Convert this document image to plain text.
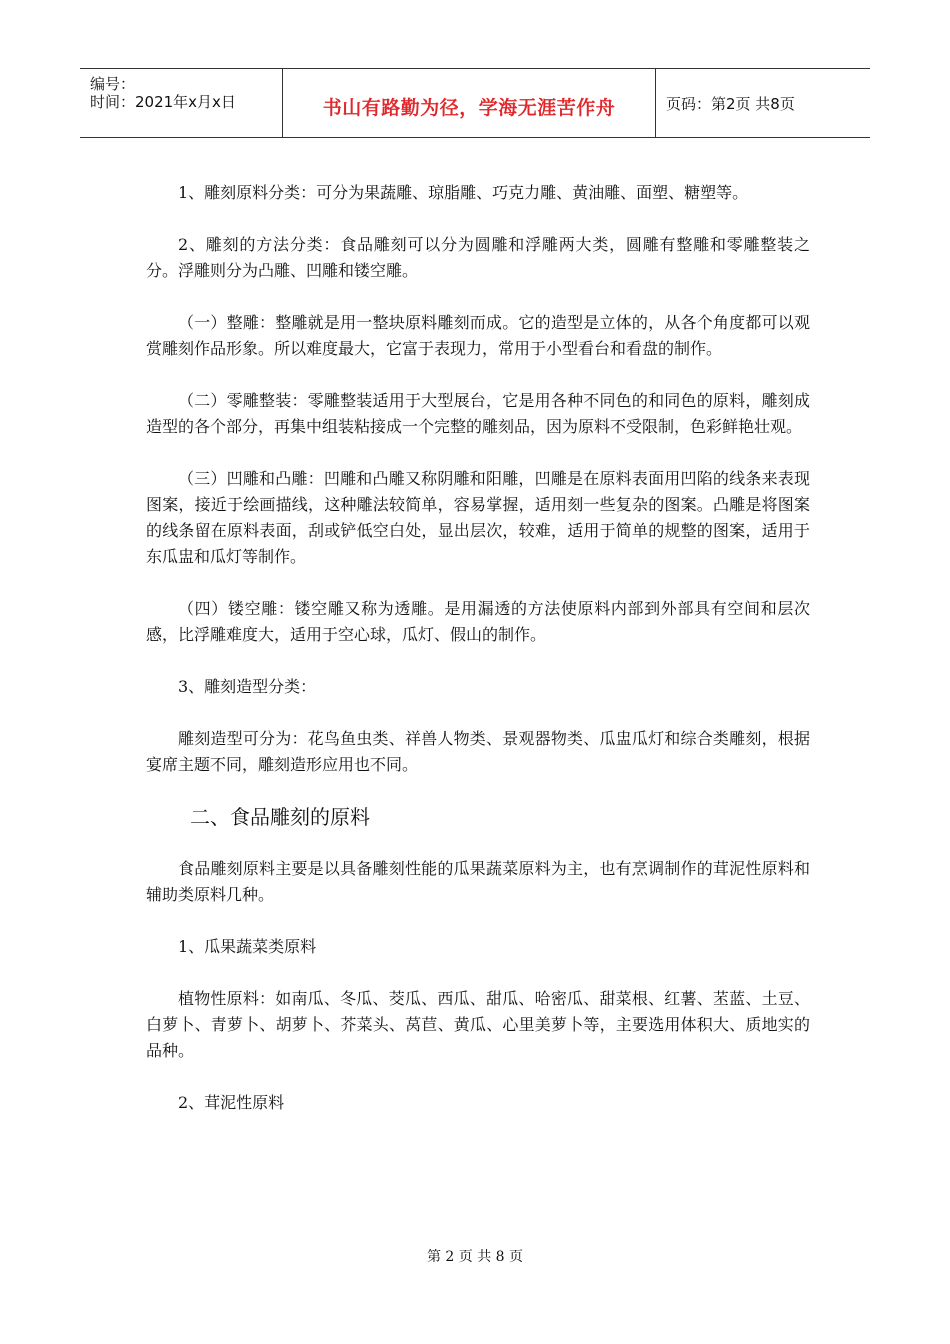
编号：
时间：2021年x月x日	书山有路勤为径，学海无涯苦作舟	页码：第2页 共8页

1、雕刻原料分类：可分为果蔬雕、琼脂雕、巧克力雕、黄油雕、面塑、糖塑等。

2、雕刻的方法分类：食品雕刻可以分为圆雕和浮雕两大类，圆雕有整雕和零雕整装之分。浮雕则分为凸雕、凹雕和镂空雕。

（一）整雕：整雕就是用一整块原料雕刻而成。它的造型是立体的，从各个角度都可以观赏雕刻作品形象。所以难度最大，它富于表现力，常用于小型看台和看盘的制作。

（二）零雕整装：零雕整装适用于大型展台，它是用各种不同色的和同色的原料，雕刻成造型的各个部分，再集中组装粘接成一个完整的雕刻品，因为原料不受限制，色彩鲜艳壮观。

（三）凹雕和凸雕：凹雕和凸雕又称阴雕和阳雕，凹雕是在原料表面用凹陷的线条来表现图案，接近于绘画描线，这种雕法较简单，容易掌握，适用刻一些复杂的图案。凸雕是将图案的线条留在原料表面，刮或铲低空白处，显出层次，较难，适用于简单的规整的图案，适用于东瓜盅和瓜灯等制作。

（四）镂空雕：镂空雕又称为透雕。是用漏透的方法使原料内部到外部具有空间和层次感，比浮雕难度大，适用于空心球，瓜灯、假山的制作。

3、雕刻造型分类：

雕刻造型可分为：花鸟鱼虫类、祥兽人物类、景观器物类、瓜盅瓜灯和综合类雕刻，根据宴席主题不同，雕刻造形应用也不同。

二、食品雕刻的原料

食品雕刻原料主要是以具备雕刻性能的瓜果蔬菜原料为主，也有烹调制作的茸泥性原料和辅助类原料几种。

1、瓜果蔬菜类原料

植物性原料：如南瓜、冬瓜、茭瓜、西瓜、甜瓜、哈密瓜、甜菜根、红薯、苤蓝、土豆、白萝卜、青萝卜、胡萝卜、芥菜头、莴苣、黄瓜、心里美萝卜等，主要选用体积大、质地实的品种。

2、茸泥性原料

第 2 页 共 8 页
